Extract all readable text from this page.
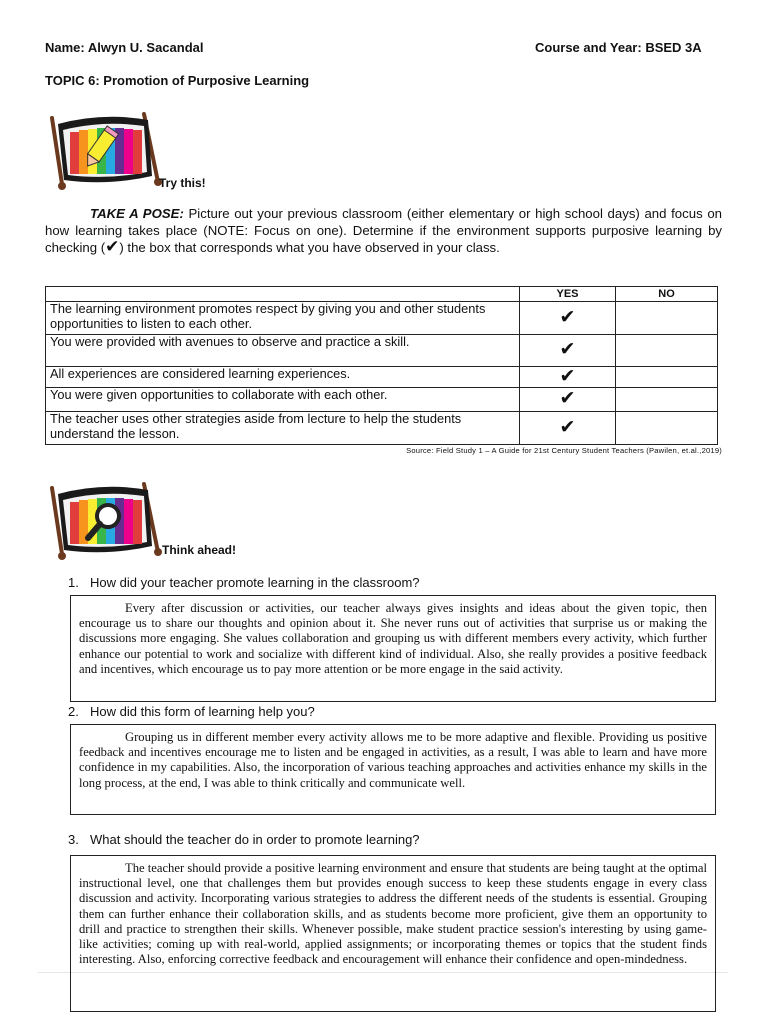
Name: Alwyn U. Sacandal	Course and Year: BSED 3A
TOPIC 6: Promotion of Purposive Learning
Try this!
TAKE A POSE: Picture out your previous classroom (either elementary or high school days) and focus on how learning takes place (NOTE: Focus on one). Determine if the environment supports purposive learning by checking (✔) the box that corresponds what you have observed in your class.
	YES	NO
The learning environment promotes respect by giving you and other students opportunities to listen to each other.	✔	
You were provided with avenues to observe and practice a skill.	✔	
All experiences are considered learning experiences.	✔	
You were given opportunities to collaborate with each other.	✔	
The teacher uses other strategies aside from lecture to help the students understand the lesson.	✔	
Source: Field Study 1 – A Guide for 21st Century Student Teachers (Pawilen, et.al.,2019)
Think ahead!
1. How did your teacher promote learning in the classroom?
Every after discussion or activities, our teacher always gives insights and ideas about the given topic, then encourage us to share our thoughts and opinion about it. She never runs out of activities that surprise us or making the discussions more engaging. She values collaboration and grouping us with different members every activity, which further enhance our potential to work and socialize with different kind of individual. Also, she really provides a positive feedback and incentives, which encourage us to pay more attention or be more engage in the said activity.
2. How did this form of learning help you?
Grouping us in different member every activity allows me to be more adaptive and flexible. Providing us positive feedback and incentives encourage me to listen and be engaged in activities, as a result, I was able to learn and have more confidence in my capabilities. Also, the incorporation of various teaching approaches and activities enhance my skills in the long process, at the end, I was able to think critically and communicate well.
3. What should the teacher do in order to promote learning?
The teacher should provide a positive learning environment and ensure that students are being taught at the optimal instructional level, one that challenges them but provides enough success to keep these students engage in every class discussion and activity. Incorporating various strategies to address the different needs of the students is essential. Grouping them can further enhance their collaboration skills, and as students become more proficient, give them an opportunity to drill and practice to strengthen their skills. Whenever possible, make student practice session's interesting by using game-like activities; coming up with real-world, applied assignments; or incorporating themes or topics that the student finds interesting. Also, enforcing corrective feedback and encouragement will enhance their confidence and open-mindedness.
